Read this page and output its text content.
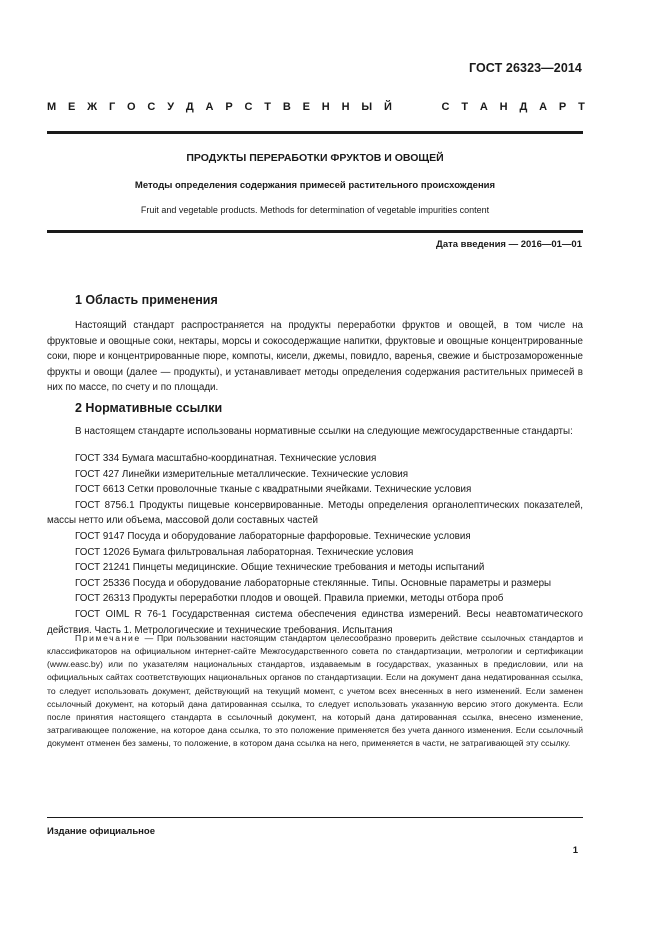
ГОСТ 26323—2014
М Е Ж Г О С У Д А Р С Т В Е Н Н Ы Й	С Т А Н Д А Р Т
ПРОДУКТЫ ПЕРЕРАБОТКИ ФРУКТОВ И ОВОЩЕЙ
Методы определения содержания примесей растительного происхождения
Fruit and vegetable products. Methods for determination of vegetable impurities content
Дата введения — 2016—01—01
1 Область применения
Настоящий стандарт распространяется на продукты переработки фруктов и овощей, в том числе на фруктовые и овощные соки, нектары, морсы и сокосодержащие напитки, фруктовые и овощные концентрированные соки, пюре и концентрированные пюре, компоты, кисели, джемы, повидло, варенья, свежие и быстрозамороженные фрукты и овощи (далее — продукты), и устанавливает методы определения содержания растительных примесей в них по массе, по счету и по площади.
2 Нормативные ссылки
В настоящем стандарте использованы нормативные ссылки на следующие межгосударственные стандарты:
ГОСТ 334 Бумага масштабно-координатная. Технические условия
ГОСТ 427 Линейки измерительные металлические. Технические условия
ГОСТ 6613 Сетки проволочные тканые с квадратными ячейками. Технические условия
ГОСТ 8756.1 Продукты пищевые консервированные. Методы определения органолептических показателей, массы нетто или объема, массовой доли составных частей
ГОСТ 9147 Посуда и оборудование лабораторные фарфоровые. Технические условия
ГОСТ 12026 Бумага фильтровальная лабораторная. Технические условия
ГОСТ 21241 Пинцеты медицинские. Общие технические требования и методы испытаний
ГОСТ 25336 Посуда и оборудование лабораторные стеклянные. Типы. Основные параметры и размеры
ГОСТ 26313 Продукты переработки плодов и овощей. Правила приемки, методы отбора проб
ГОСТ OIML R 76-1 Государственная система обеспечения единства измерений. Весы неавтоматического действия. Часть 1. Метрологические и технические требования. Испытания
Примечание — При пользовании настоящим стандартом целесообразно проверить действие ссылочных стандартов и классификаторов на официальном интернет-сайте Межгосударственного совета по стандартизации, метрологии и сертификации (www.easc.by) или по указателям национальных стандартов, издаваемым в государствах, указанных в предисловии, или на официальных сайтах соответствующих национальных органов по стандартизации. Если на документ дана недатированная ссылка, то следует использовать документ, действующий на текущий момент, с учетом всех внесенных в него изменений. Если заменен ссылочный документ, на который дана датированная ссылка, то следует использовать указанную версию этого документа. Если после принятия настоящего стандарта в ссылочный документ, на который дана датированная ссылка, внесено изменение, затрагивающее положение, на которое дана ссылка, то это положение применяется без учета данного изменения. Если ссылочный документ отменен без замены, то положение, в котором дана ссылка на него, применяется в части, не затрагивающей эту ссылку.
Издание официальное
1
